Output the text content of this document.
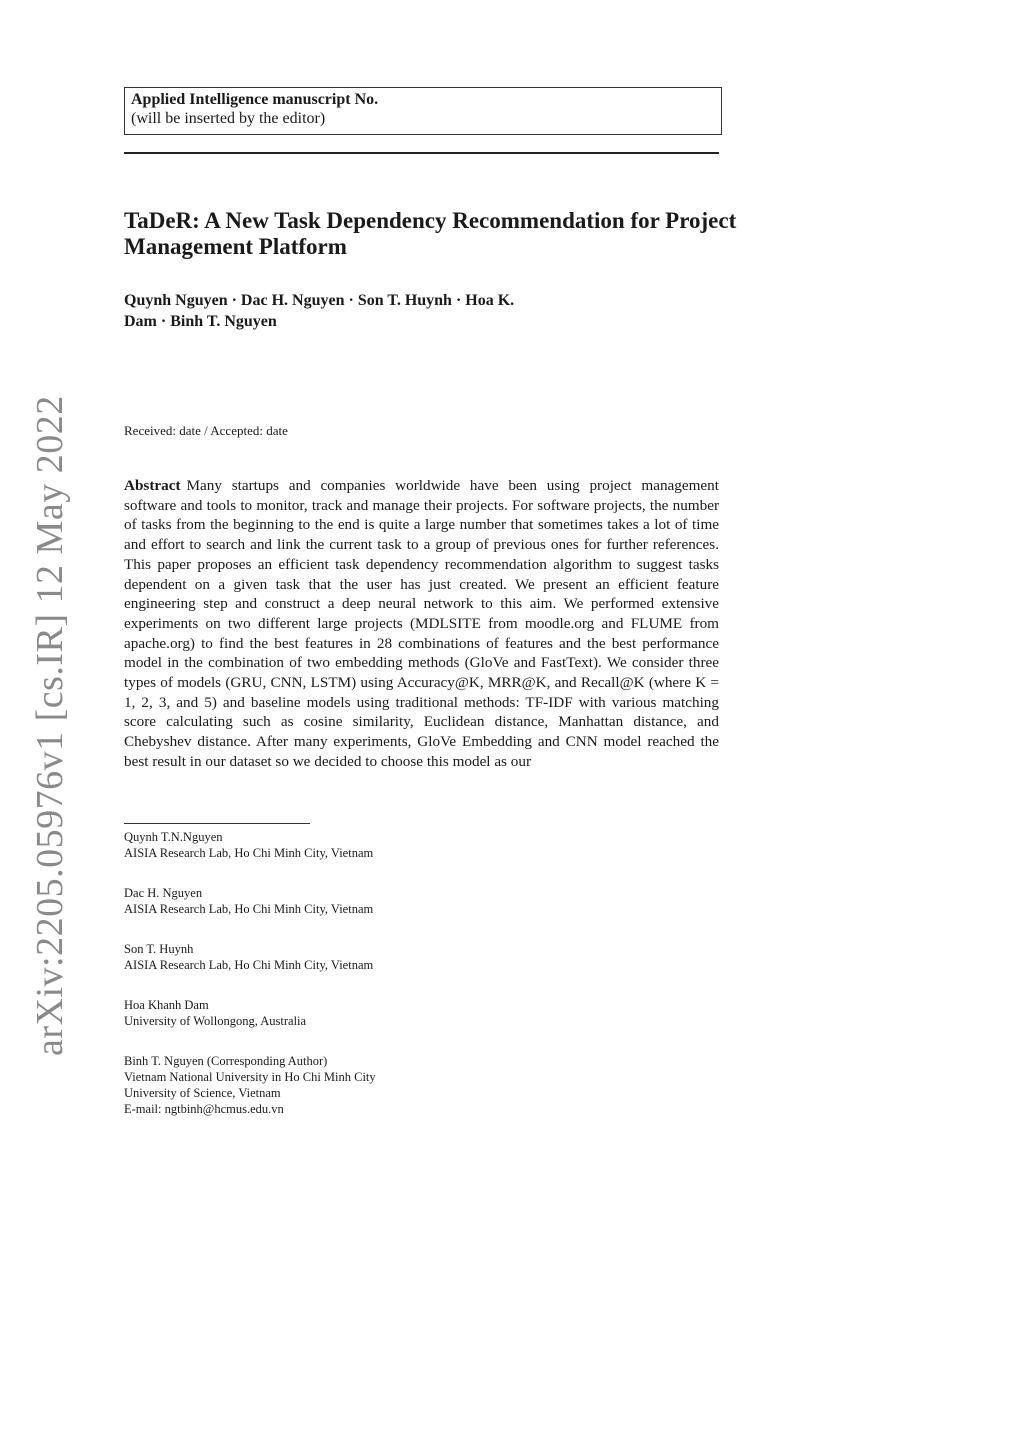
arXiv:2205.05976v1 [cs.IR] 12 May 2022
Applied Intelligence manuscript No.
(will be inserted by the editor)
TaDeR: A New Task Dependency Recommendation for Project Management Platform
Quynh Nguyen · Dac H. Nguyen · Son T. Huynh · Hoa K. Dam · Binh T. Nguyen
Received: date / Accepted: date

Abstract Many startups and companies worldwide have been using project management software and tools to monitor, track and manage their projects. For software projects, the number of tasks from the beginning to the end is quite a large number that sometimes takes a lot of time and effort to search and link the current task to a group of previous ones for further references. This paper proposes an efficient task dependency recommendation algorithm to suggest tasks dependent on a given task that the user has just created. We present an efficient feature engineering step and construct a deep neural network to this aim. We performed extensive experiments on two different large projects (MDLSITE from moodle.org and FLUME from apache.org) to find the best features in 28 combinations of features and the best performance model in the combination of two embedding methods (GloVe and FastText). We consider three types of models (GRU, CNN, LSTM) using Accuracy@K, MRR@K, and Recall@K (where K = 1, 2, 3, and 5) and baseline models using traditional methods: TF-IDF with various matching score calculating such as cosine similarity, Euclidean distance, Manhattan distance, and Chebyshev distance. After many experiments, GloVe Embedding and CNN model reached the best result in our dataset so we decided to choose this model as our

Quynh T.N.Nguyen
AISIA Research Lab, Ho Chi Minh City, Vietnam
Dac H. Nguyen
AISIA Research Lab, Ho Chi Minh City, Vietnam
Son T. Huynh
AISIA Research Lab, Ho Chi Minh City, Vietnam
Hoa Khanh Dam
University of Wollongong, Australia
Binh T. Nguyen (Corresponding Author)
Vietnam National University in Ho Chi Minh City
University of Science, Vietnam
E-mail: ngtbinh@hcmus.edu.vn
